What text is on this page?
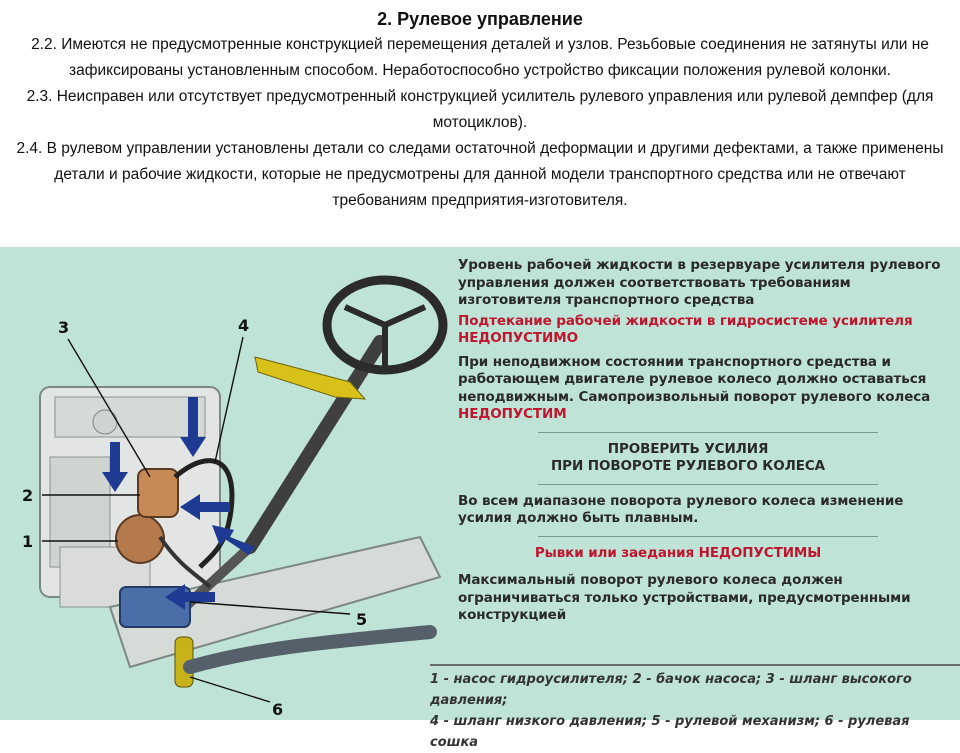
2. Рулевое управление

2.2. Имеются не предусмотренные конструкцией перемещения деталей и узлов. Резьбовые соединения не затянуты или не зафиксированы установленным способом. Неработоспособно устройство фиксации положения рулевой колонки.

2.3. Неисправен или отсутствует предусмотренный конструкцией усилитель рулевого управления или рулевой демпфер (для мотоциклов).

2.4. В рулевом управлении установлены детали со следами остаточной деформации и другими дефектами, а также применены детали и рабочие жидкости, которые не предусмотрены для данной модели транспортного средства или не отвечают требованиям предприятия-изготовителя.

3	4
2
1
5
6
Уровень рабочей жидкости в резервуаре усилителя рулевого управления должен соответствовать требованиям изготовителя транспортного средства
Подтекание рабочей жидкости в гидросистеме усилителя НЕДОПУСТИМО
При неподвижном состоянии транспортного средства и работающем двигателе рулевое колесо должно оставаться неподвижным. Самопроизвольный поворот рулевого колеса НЕДОПУСТИМ
ПРОВЕРИТЬ УСИЛИЯ
ПРИ ПОВОРОТЕ РУЛЕВОГО КОЛЕСА
Во всем диапазоне поворота рулевого колеса изменение усилия должно быть плавным.
Рывки или заедания НЕДОПУСТИМЫ
Максимальный поворот рулевого колеса должен ограничиваться только устройствами, предусмотренными конструкцией
1 - насос гидроусилителя; 2 - бачок насоса; 3 - шланг высокого давления;
4 - шланг низкого давления; 5 - рулевой механизм; 6 - рулевая сошка
